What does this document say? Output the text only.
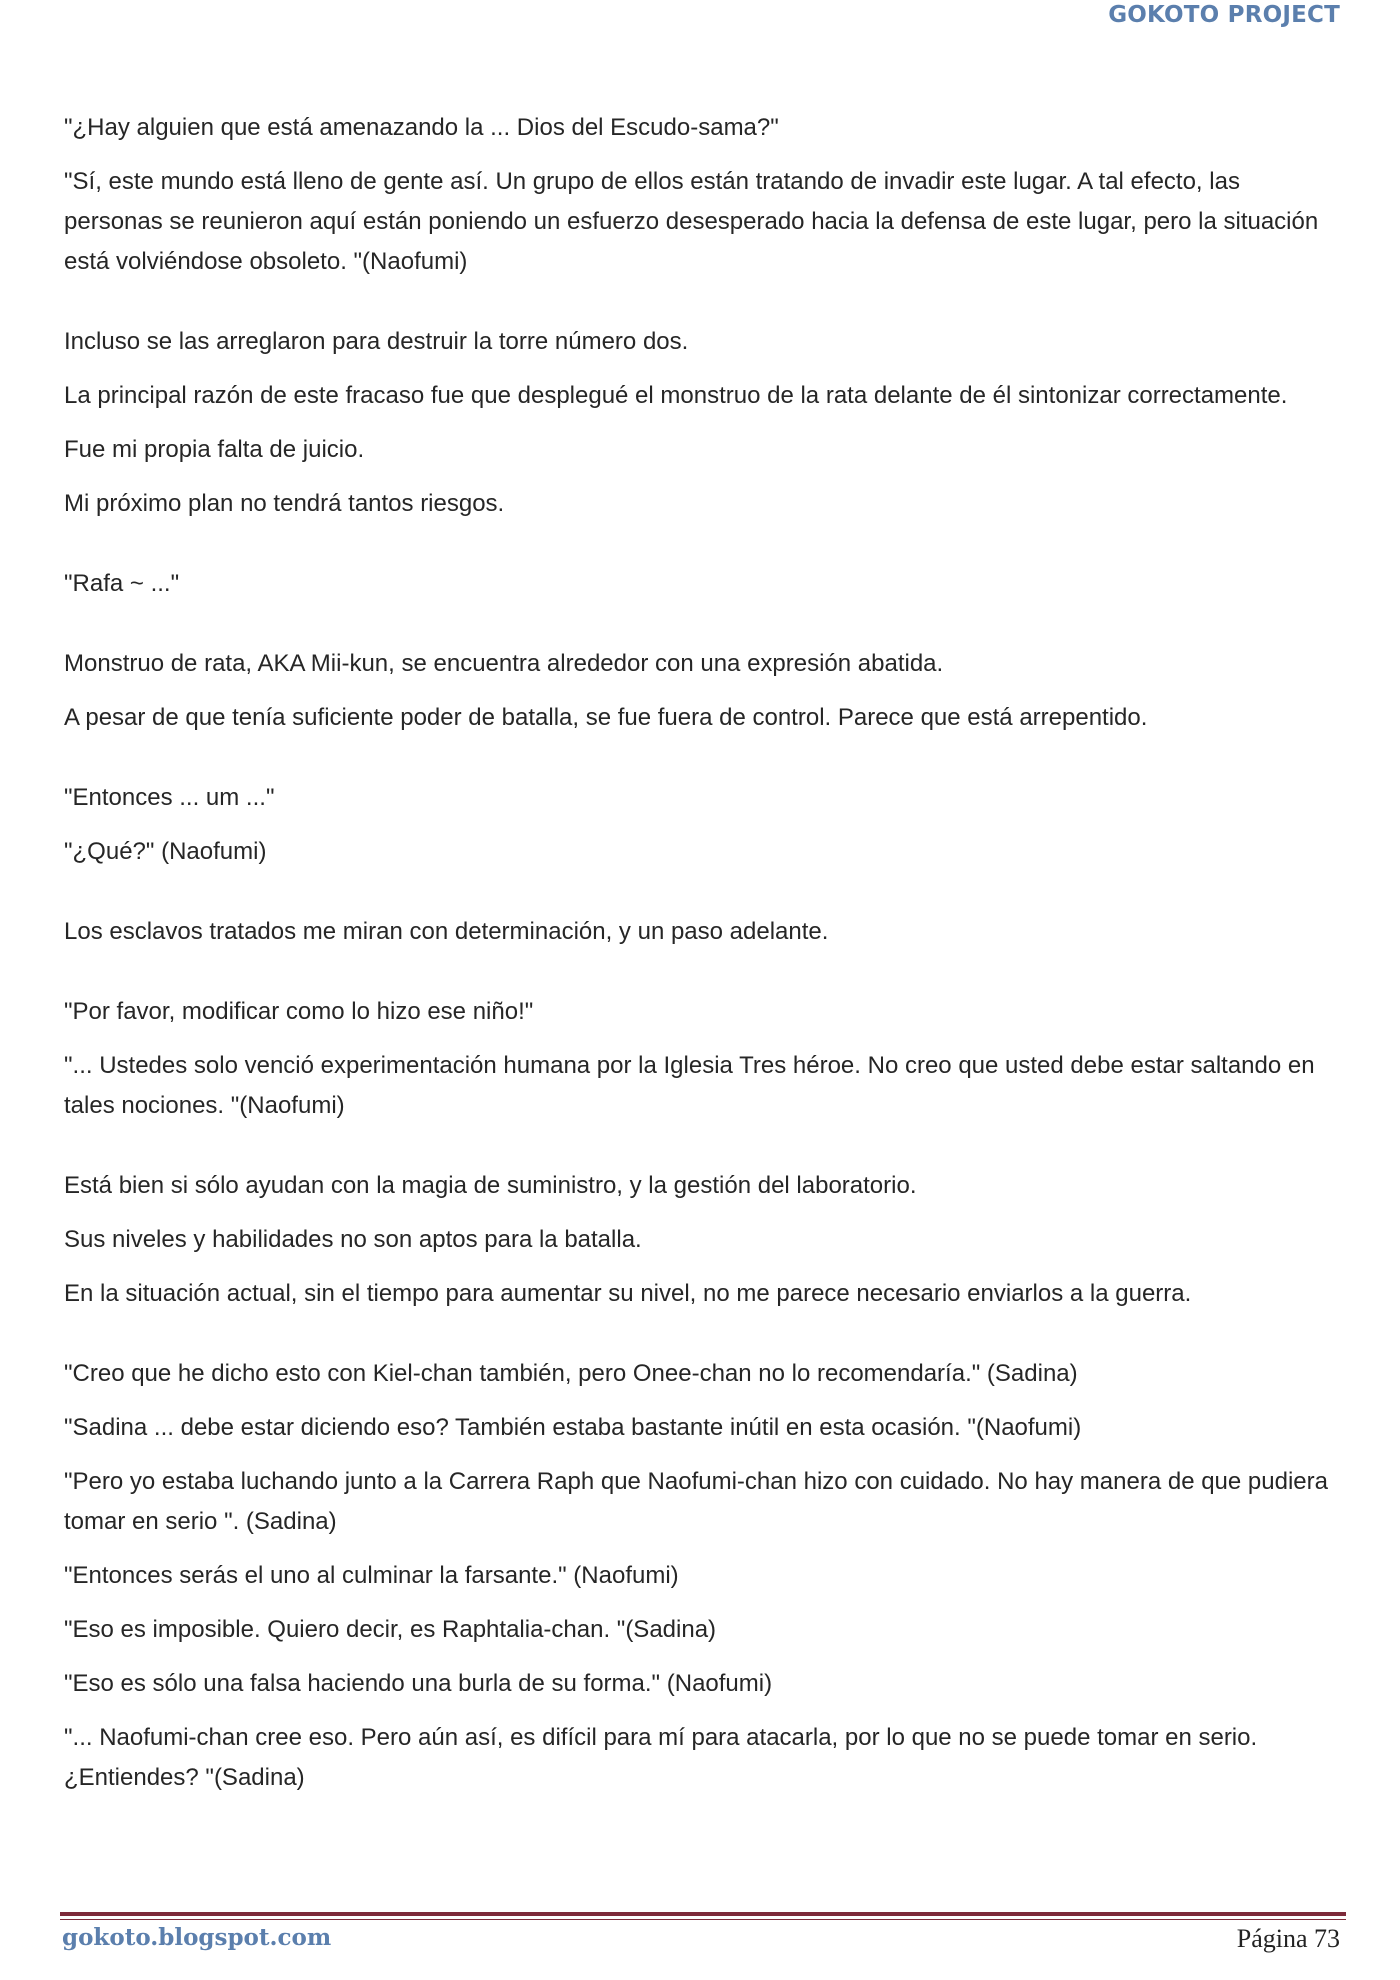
GOKOTO PROJECT

"¿Hay alguien que está amenazando la ... Dios del Escudo-sama?"

"Sí, este mundo está lleno de gente así. Un grupo de ellos están tratando de invadir este lugar. A tal efecto, las personas se reunieron aquí están poniendo un esfuerzo desesperado hacia la defensa de este lugar, pero la situación está volviéndose obsoleto. "(Naofumi)

Incluso se las arreglaron para destruir la torre número dos.

La principal razón de este fracaso fue que desplegué el monstruo de la rata delante de él sintonizar correctamente.

Fue mi propia falta de juicio.

Mi próximo plan no tendrá tantos riesgos.

"Rafa ~ ..."

Monstruo de rata, AKA Mii-kun, se encuentra alrededor con una expresión abatida.

A pesar de que tenía suficiente poder de batalla, se fue fuera de control. Parece que está arrepentido.

"Entonces ... um ..."

"¿Qué?" (Naofumi)

Los esclavos tratados me miran con determinación, y un paso adelante.

"Por favor, modificar como lo hizo ese niño!"

"... Ustedes solo venció experimentación humana por la Iglesia Tres héroe. No creo que usted debe estar saltando en tales nociones. "(Naofumi)

Está bien si sólo ayudan con la magia de suministro, y la gestión del laboratorio.

Sus niveles y habilidades no son aptos para la batalla.

En la situación actual, sin el tiempo para aumentar su nivel, no me parece necesario enviarlos a la guerra.

"Creo que he dicho esto con Kiel-chan también, pero Onee-chan no lo recomendaría." (Sadina)

"Sadina ... debe estar diciendo eso? También estaba bastante inútil en esta ocasión. "(Naofumi)

"Pero yo estaba luchando junto a la Carrera Raph que Naofumi-chan hizo con cuidado. No hay manera de que pudiera tomar en serio ". (Sadina)

"Entonces serás el uno al culminar la farsante." (Naofumi)

"Eso es imposible. Quiero decir, es Raphtalia-chan. "(Sadina)

"Eso es sólo una falsa haciendo una burla de su forma." (Naofumi)

"... Naofumi-chan cree eso. Pero aún así, es difícil para mí para atacarla, por lo que no se puede tomar en serio. ¿Entiendes? "(Sadina)

gokoto.blogspot.com	Página 73
